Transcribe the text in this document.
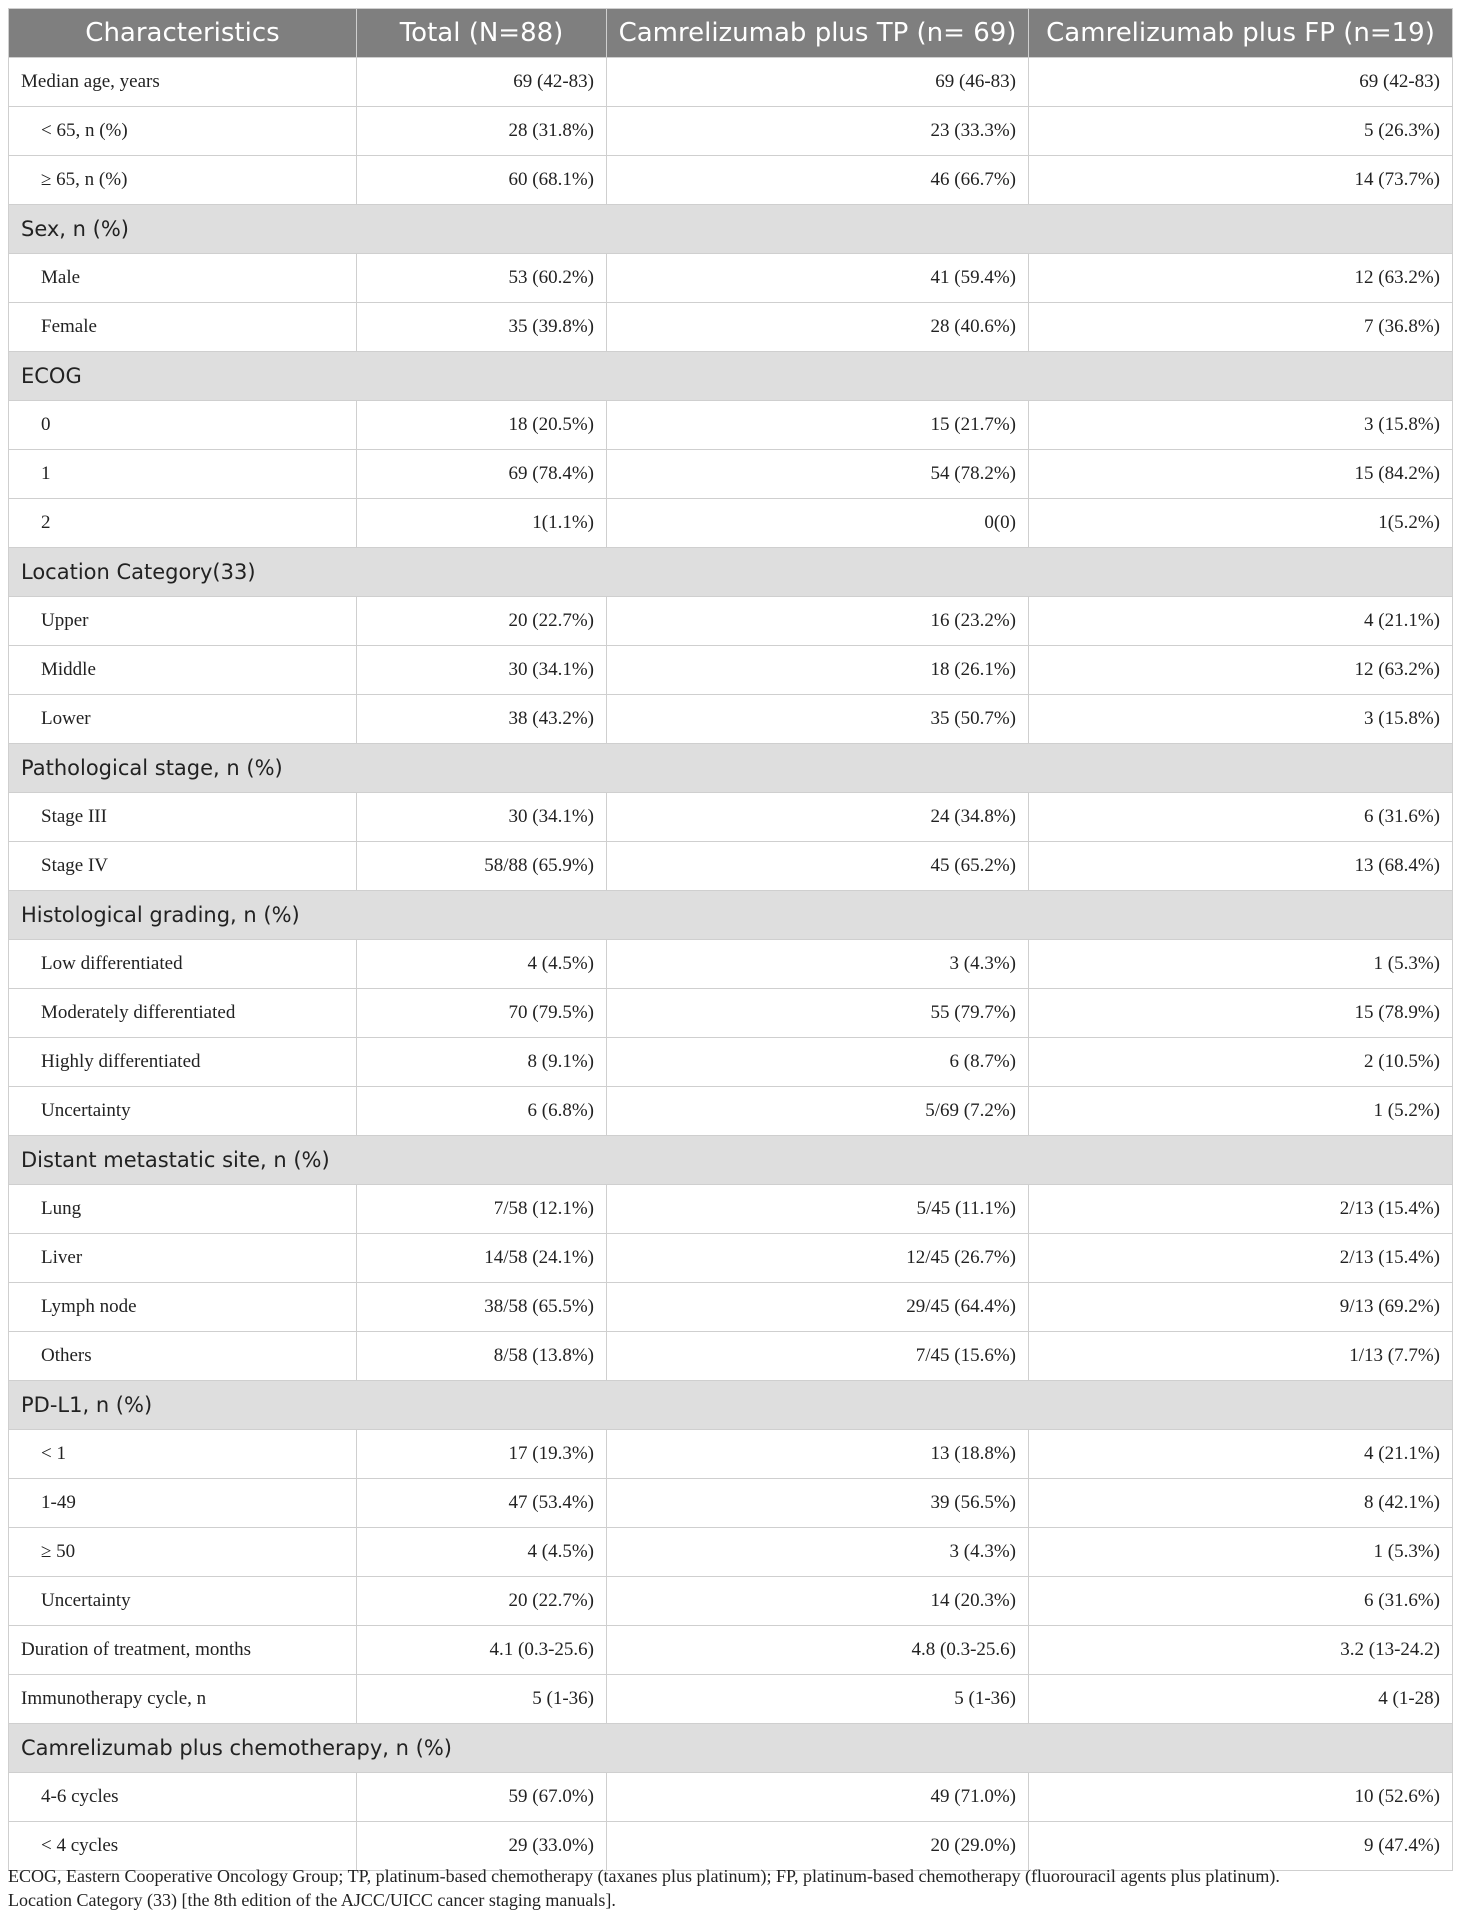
Characteristics	Total (N=88)	Camrelizumab plus TP (n= 69)	Camrelizumab plus FP (n=19)
Median age, years	69 (42-83)	69 (46-83)	69 (42-83)
< 65, n (%)	28 (31.8%)	23 (33.3%)	5 (26.3%)
≥ 65, n (%)	60 (68.1%)	46 (66.7%)	14 (73.7%)
Sex, n (%)			
Male	53 (60.2%)	41 (59.4%)	12 (63.2%)
Female	35 (39.8%)	28 (40.6%)	7 (36.8%)
ECOG			
0	18 (20.5%)	15 (21.7%)	3 (15.8%)
1	69 (78.4%)	54 (78.2%)	15 (84.2%)
2	1(1.1%)	0(0)	1(5.2%)
Location Category(33)			
Upper	20 (22.7%)	16 (23.2%)	4 (21.1%)
Middle	30 (34.1%)	18 (26.1%)	12 (63.2%)
Lower	38 (43.2%)	35 (50.7%)	3 (15.8%)
Pathological stage, n (%)			
Stage III	30 (34.1%)	24 (34.8%)	6 (31.6%)
Stage IV	58/88 (65.9%)	45 (65.2%)	13 (68.4%)
Histological grading, n (%)			
Low differentiated	4 (4.5%)	3 (4.3%)	1 (5.3%)
Moderately differentiated	70 (79.5%)	55 (79.7%)	15 (78.9%)
Highly differentiated	8 (9.1%)	6 (8.7%)	2 (10.5%)
Uncertainty	6 (6.8%)	5/69 (7.2%)	1 (5.2%)
Distant metastatic site, n (%)			
Lung	7/58 (12.1%)	5/45 (11.1%)	2/13 (15.4%)
Liver	14/58 (24.1%)	12/45 (26.7%)	2/13 (15.4%)
Lymph node	38/58 (65.5%)	29/45 (64.4%)	9/13 (69.2%)
Others	8/58 (13.8%)	7/45 (15.6%)	1/13 (7.7%)
PD-L1, n (%)			
< 1	17 (19.3%)	13 (18.8%)	4 (21.1%)
1-49	47 (53.4%)	39 (56.5%)	8 (42.1%)
≥ 50	4 (4.5%)	3 (4.3%)	1 (5.3%)
Uncertainty	20 (22.7%)	14 (20.3%)	6 (31.6%)
Duration of treatment, months	4.1 (0.3-25.6)	4.8 (0.3-25.6)	3.2 (13-24.2)
Immunotherapy cycle, n	5 (1-36)	5 (1-36)	4 (1-28)
Camrelizumab plus chemotherapy, n (%)			
4-6 cycles	59 (67.0%)	49 (71.0%)	10 (52.6%)
< 4 cycles	29 (33.0%)	20 (29.0%)	9 (47.4%)
ECOG, Eastern Cooperative Oncology Group; TP, platinum-based chemotherapy (taxanes plus platinum); FP, platinum-based chemotherapy (fluorouracil agents plus platinum).
Location Category (33) [the 8th edition of the AJCC/UICC cancer staging manuals].
